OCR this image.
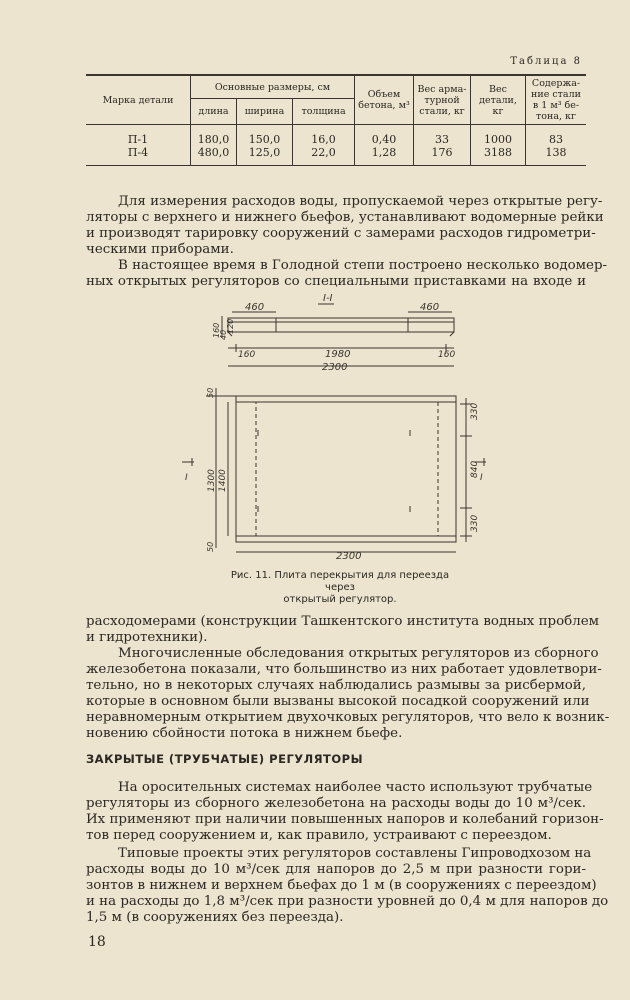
Таблица 8
Марка детали	Основные размеры, см			Объем бетона, м³	Вес арма-турной стали, кг	Вес детали, кг	Содержа-ние стали в 1 м³ бе-тона, кг
	длина	ширина	толщина				
П-1	180,0	150,0	16,0	0,40	33	1000	83
П-4	480,0	125,0	22,0	1,28	176	3188	138
Для измерения расходов воды, пропускаемой через открытые регу-
ляторы с верхнего и нижнего бьефов, устанавливают водомерные рейки
и производят тарировку сооружений с замерами расходов гидрометри-
ческими приборами.
В настоящее время в Голодной степи построено несколько водомер-
ных открытых регуляторов со специальными приставками на входе и
I-I
460	460
160
40
120
160	1980	160
2300
50
1300 1400
50
I	I
330
840
330
2300
Рис. 11. Плита перекрытия для переезда через
открытый регулятор.
расходомерами (конструкции Ташкентского института водных проблем
и гидротехники).
Многочисленные обследования открытых регуляторов из сборного
железобетона показали, что большинство из них работает удовлетвори-
тельно, но в некоторых случаях наблюдались размывы за рисбермой,
которые в основном были вызваны высокой посадкой сооружений или
неравномерным открытием двухочковых регуляторов, что вело к возник-
новению сбойности потока в нижнем бьефе.
ЗАКРЫТЫЕ (ТРУБЧАТЫЕ) РЕГУЛЯТОРЫ
На оросительных системах наиболее часто используют трубчатые
регуляторы из сборного железобетона на расходы воды до 10 м³/сек.
Их применяют при наличии повышенных напоров и колебаний горизон-
тов перед сооружением и, как правило, устраивают с переездом.
Типовые проекты этих регуляторов составлены Гипроводхозом на
расходы воды до 10 м³/сек для напоров до 2,5 м при разности гори-
зонтов в нижнем и верхнем бьефах до 1 м (в сооружениях с переездом)
и на расходы до 1,8 м³/сек при разности уровней до 0,4 м для напоров до
1,5 м (в сооружениях без переезда).
18
